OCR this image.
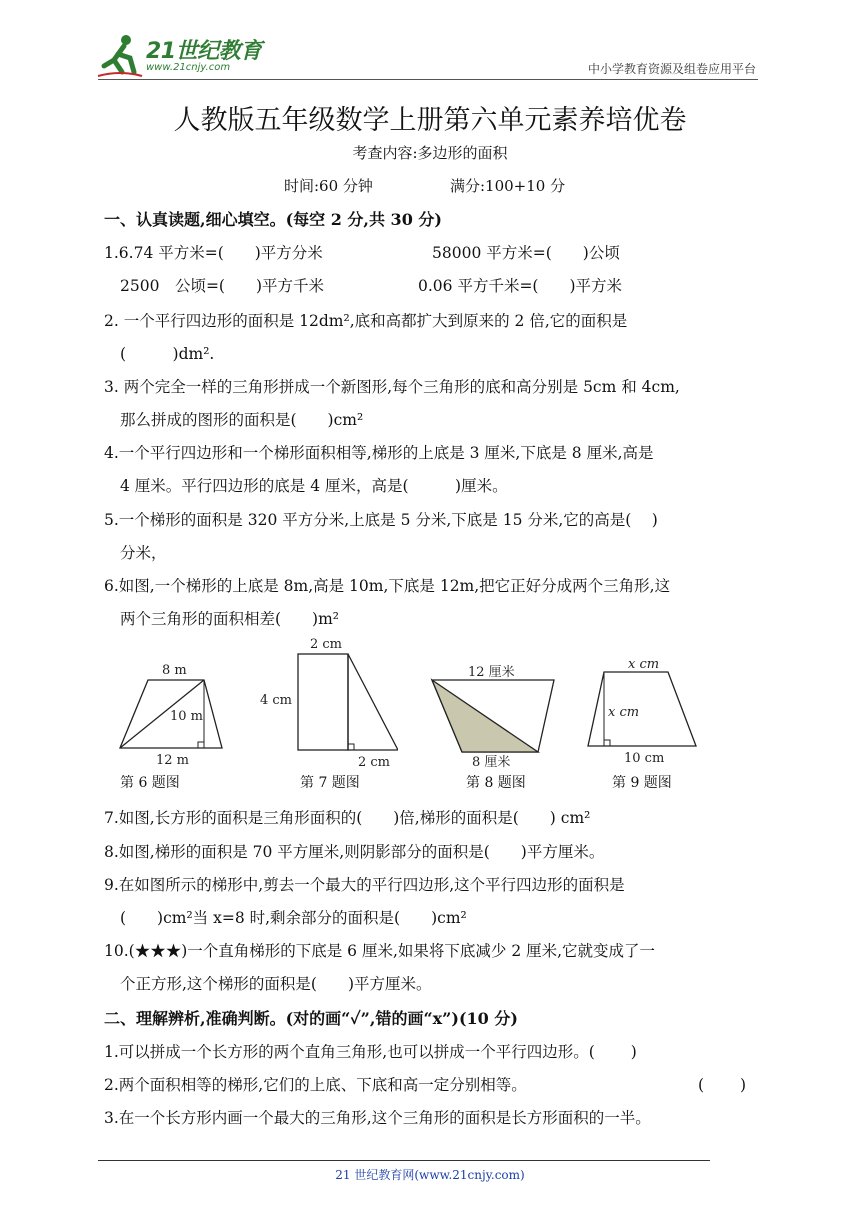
21世纪教育
www.21cnjy.com	中小学教育资源及组卷应用平台
人教版五年级数学上册第六单元素养培优卷
考查内容:多边形的面积
时间:60 分钟	满分:100+10 分
一、认真读题,细心填空。(每空 2 分,共 30 分)
1.6.74 平方米=(　　)平方分米	58000 平方米=(　　)公顷
2500　公顷=(　　)平方千米	0.06 平方千米=(　　)平方米
2. 一个平行四边形的面积是 12dm²,底和高都扩大到原来的 2 倍,它的面积是
(　　　)dm².
3. 两个完全一样的三角形拼成一个新图形,每个三角形的底和高分别是 5cm 和 4cm,
那么拼成的图形的面积是(　　)cm²
4.一个平行四边形和一个梯形面积相等,梯形的上底是 3 厘米,下底是 8 厘米,高是
4 厘米。平行四边形的底是 4 厘米，高是(　　　)厘米。
5.一个梯形的面积是 320 平方分米,上底是 5 分米,下底是 15 分米,它的高是(　 )
分米，
6.如图,一个梯形的上底是 8m,高是 10m,下底是 12m,把它正好分成两个三角形,这
两个三角形的面积相差(　　)m²
8 m
10 m
12 m
第 6 题图
2 cm
4 cm
2 cm
第 7 题图
12 厘米
8 厘米
第 8 题图
x cm
x cm
10 cm
第 9 题图
7.如图,长方形的面积是三角形面积的(　　)倍,梯形的面积是(　　) cm²
8.如图,梯形的面积是 70 平方厘米,则阴影部分的面积是(　　)平方厘米。
9.在如图所示的梯形中,剪去一个最大的平行四边形,这个平行四边形的面积是
(　　)cm²当 x=8 时,剩余部分的面积是(　　)cm²
10.(★★★)一个直角梯形的下底是 6 厘米,如果将下底减少 2 厘米,它就变成了一
个正方形,这个梯形的面积是(　　)平方厘米。
二、理解辨析,准确判断。(对的画“✓”,错的画“x”)(10 分)
1.可以拼成一个长方形的两个直角三角形,也可以拼成一个平行四边形。(　　 )
2.两个面积相等的梯形,它们的上底、下底和高一定分别相等。	(　　 )
3.在一个长方形内画一个最大的三角形,这个三角形的面积是长方形面积的一半。
21 世纪教育网(www.21cnjy.com)
